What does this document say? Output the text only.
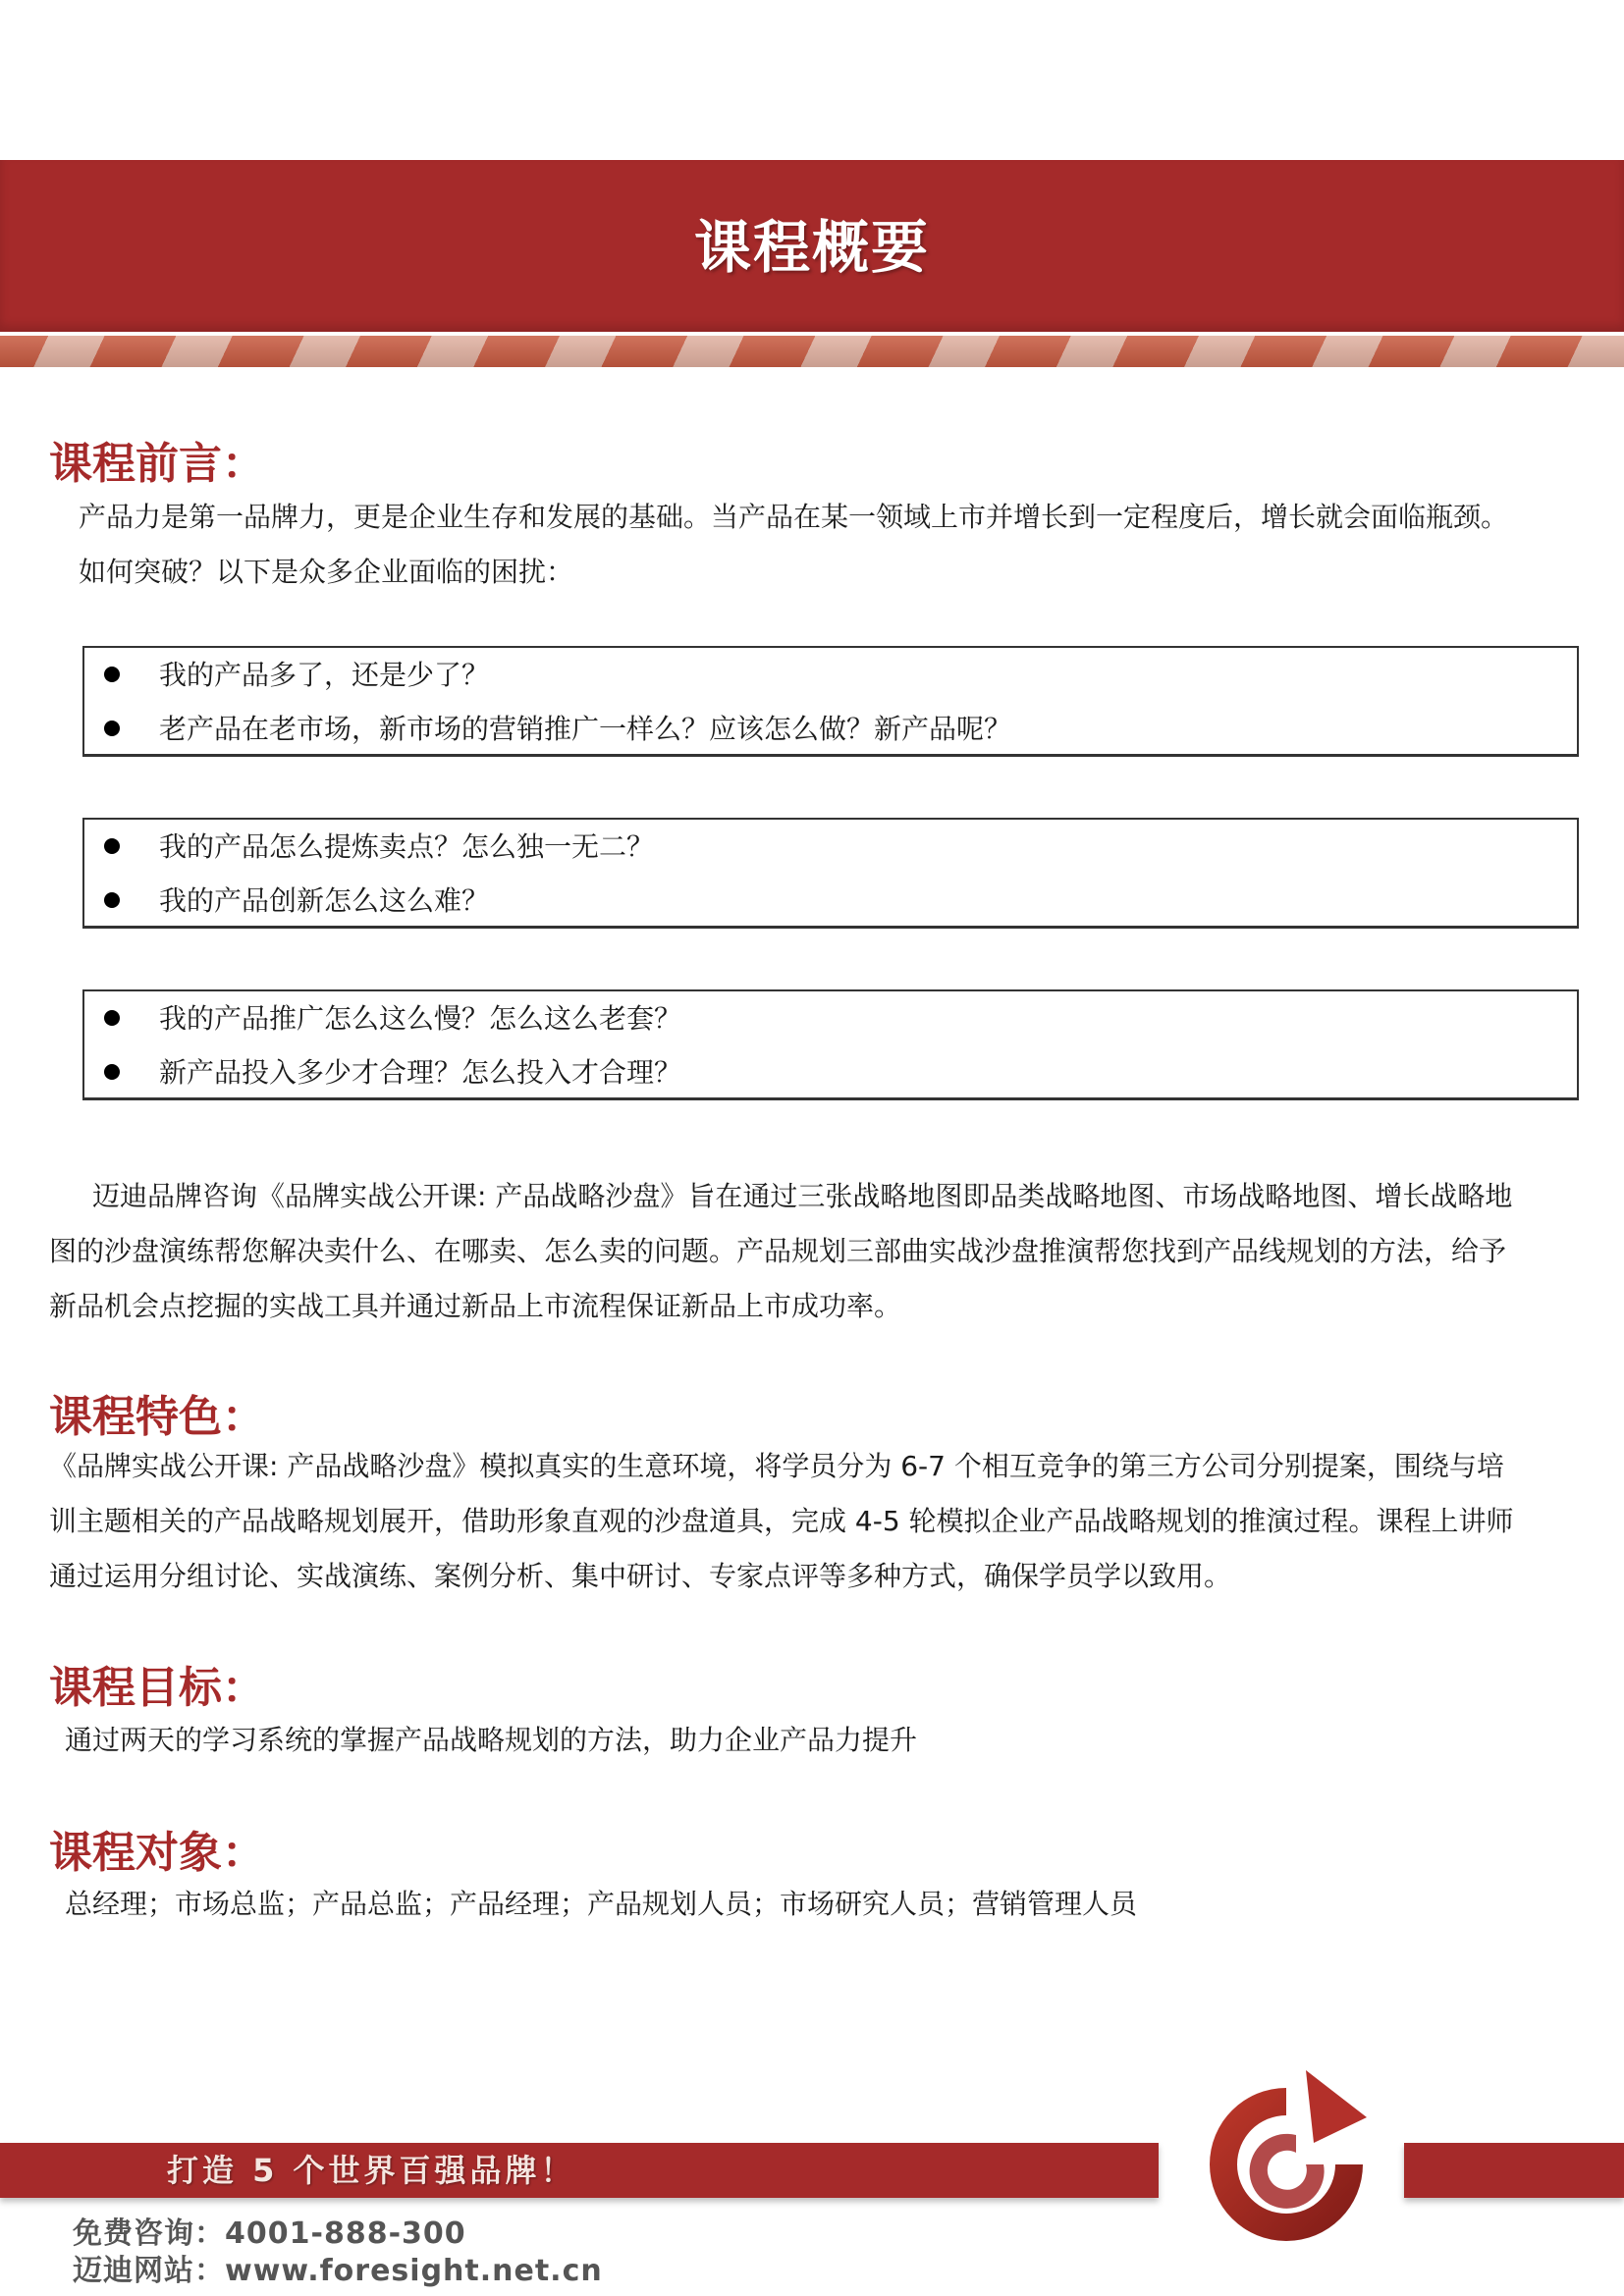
课程概要
课程前言：
产品力是第一品牌力，更是企业生存和发展的基础。当产品在某一领域上市并增长到一定程度后，增长就会面临瓶颈。
如何突破？以下是众多企业面临的困扰：
我的产品多了，还是少了？
老产品在老市场，新市场的营销推广一样么？应该怎么做？新产品呢？
我的产品怎么提炼卖点？怎么独一无二？
我的产品创新怎么这么难？
我的产品推广怎么这么慢？怎么这么老套？
新产品投入多少才合理？怎么投入才合理？
迈迪品牌咨询《品牌实战公开课: 产品战略沙盘》旨在通过三张战略地图即品类战略地图、市场战略地图、增长战略地
图的沙盘演练帮您解决卖什么、在哪卖、怎么卖的问题。产品规划三部曲实战沙盘推演帮您找到产品线规划的方法，给予
新品机会点挖掘的实战工具并通过新品上市流程保证新品上市成功率。
课程特色：
《品牌实战公开课: 产品战略沙盘》模拟真实的生意环境，将学员分为 6-7 个相互竞争的第三方公司分别提案，围绕与培
训主题相关的产品战略规划展开，借助形象直观的沙盘道具，完成 4-5 轮模拟企业产品战略规划的推演过程。课程上讲师
通过运用分组讨论、实战演练、案例分析、集中研讨、专家点评等多种方式，确保学员学以致用。
课程目标：
通过两天的学习系统的掌握产品战略规划的方法，助力企业产品力提升
课程对象：
总经理；市场总监；产品总监；产品经理；产品规划人员；市场研究人员；营销管理人员
打造 5 个世界百强品牌！
免费咨询：4001-888-300
迈迪网站：www.foresight.net.cn
